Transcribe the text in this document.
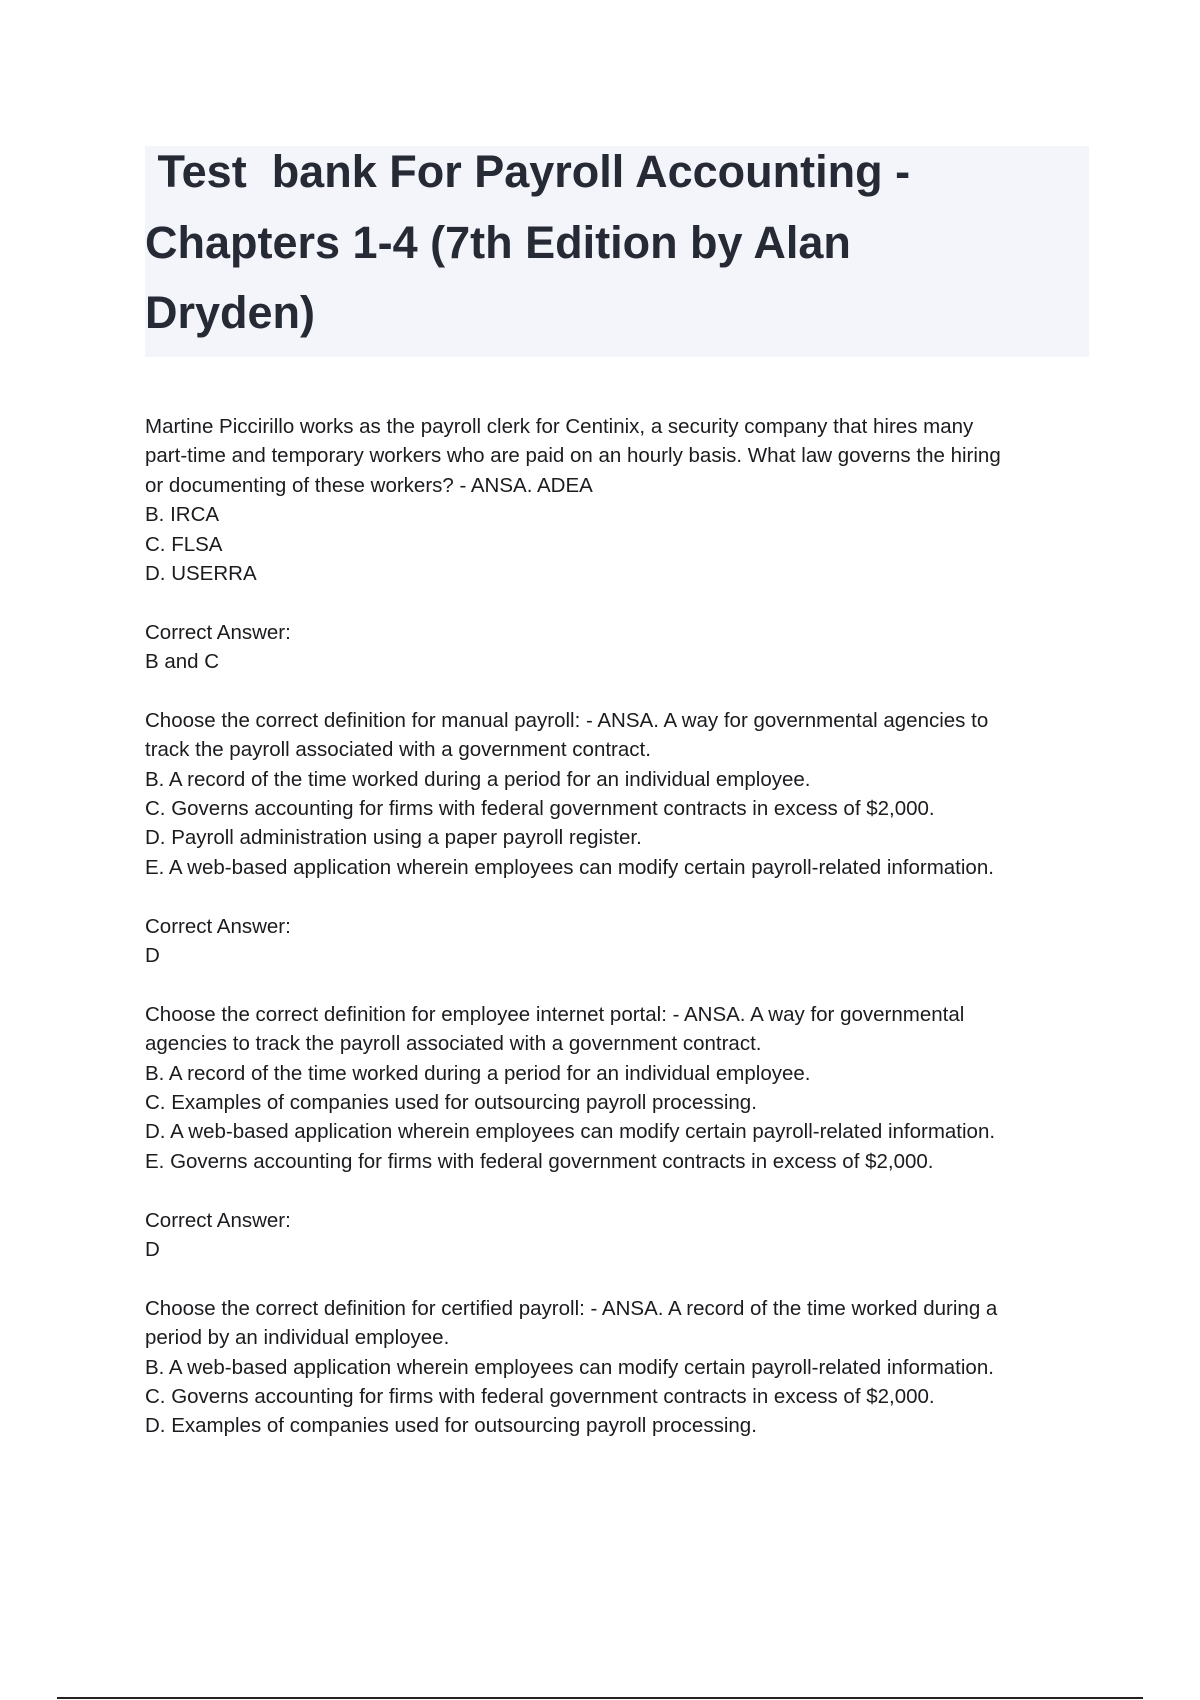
Test  bank For Payroll Accounting -
Chapters 1-4 (7th Edition by Alan
Dryden)
Martine Piccirillo works as the payroll clerk for Centinix, a security company that hires many
part-time and temporary workers who are paid on an hourly basis. What law governs the hiring
or documenting of these workers? - ANSA. ADEA
B. IRCA
C. FLSA
D. USERRA
Correct Answer:
B and C
Choose the correct definition for manual payroll: - ANSA. A way for governmental agencies to
track the payroll associated with a government contract.
B. A record of the time worked during a period for an individual employee.
C. Governs accounting for firms with federal government contracts in excess of $2,000.
D. Payroll administration using a paper payroll register.
E. A web-based application wherein employees can modify certain payroll-related information.
Correct Answer:
D
Choose the correct definition for employee internet portal: - ANSA. A way for governmental
agencies to track the payroll associated with a government contract.
B. A record of the time worked during a period for an individual employee.
C. Examples of companies used for outsourcing payroll processing.
D. A web-based application wherein employees can modify certain payroll-related information.
E. Governs accounting for firms with federal government contracts in excess of $2,000.
Correct Answer:
D
Choose the correct definition for certified payroll: - ANSA. A record of the time worked during a
period by an individual employee.
B. A web-based application wherein employees can modify certain payroll-related information.
C. Governs accounting for firms with federal government contracts in excess of $2,000.
D. Examples of companies used for outsourcing payroll processing.
